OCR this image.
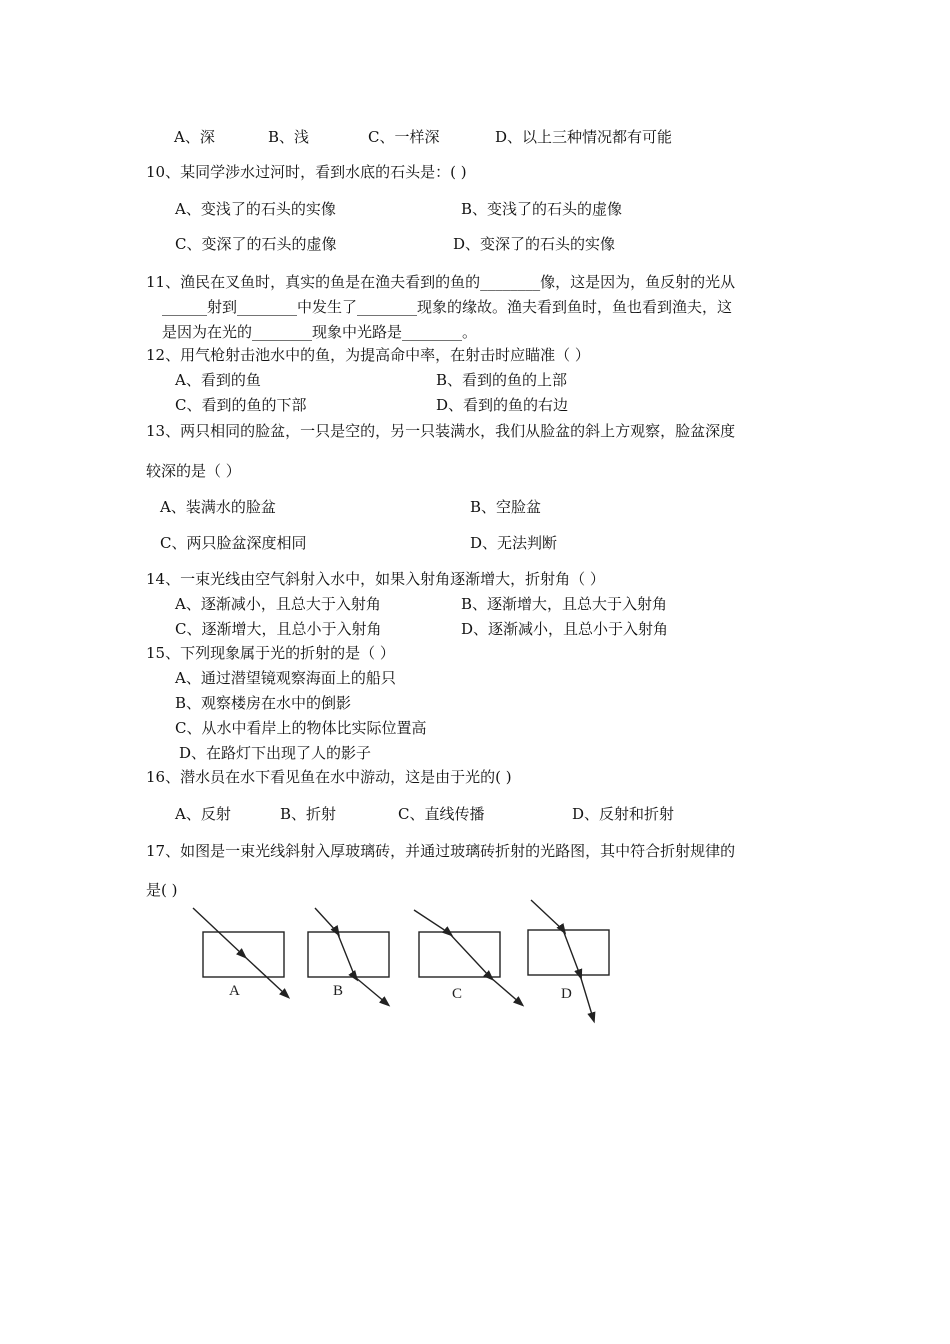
A、深	B、浅	C、一样深	D、以上三种情况都有可能
10、某同学涉水过河时，看到水底的石头是：( )
A、变浅了的石头的实像	B、变浅了的石头的虚像
C、变深了的石头的虚像	D、变深了的石头的实像
11、渔民在叉鱼时，真实的鱼是在渔夫看到的鱼的________像，这是因为，鱼反射的光从
______射到________中发生了________现象的缘故。渔夫看到鱼时，鱼也看到渔夫，这
是因为在光的________现象中光路是________。
12、用气枪射击池水中的鱼，为提高命中率，在射击时应瞄准（ ）
A、看到的鱼	B、看到的鱼的上部
C、看到的鱼的下部	D、看到的鱼的右边
13、两只相同的脸盆，一只是空的，另一只装满水，我们从脸盆的斜上方观察，脸盆深度
较深的是（ ）
A、装满水的脸盆	B、空脸盆
C、两只脸盆深度相同	D、无法判断
14、一束光线由空气斜射入水中，如果入射角逐渐增大，折射角（ ）
A、逐渐减小，且总大于入射角	B、逐渐增大，且总大于入射角
C、逐渐增大，且总小于入射角	D、逐渐减小，且总小于入射角
15、下列现象属于光的折射的是（ ）
A、通过潜望镜观察海面上的船只
B、观察楼房在水中的倒影
C、从水中看岸上的物体比实际位置高
D、在路灯下出现了人的影子
16、潜水员在水下看见鱼在水中游动，这是由于光的( )
A、反射	B、折射	C、直线传播	D、反射和折射
17、如图是一束光线斜射入厚玻璃砖，并通过玻璃砖折射的光路图，其中符合折射规律的
是( )
A	B	C	D
